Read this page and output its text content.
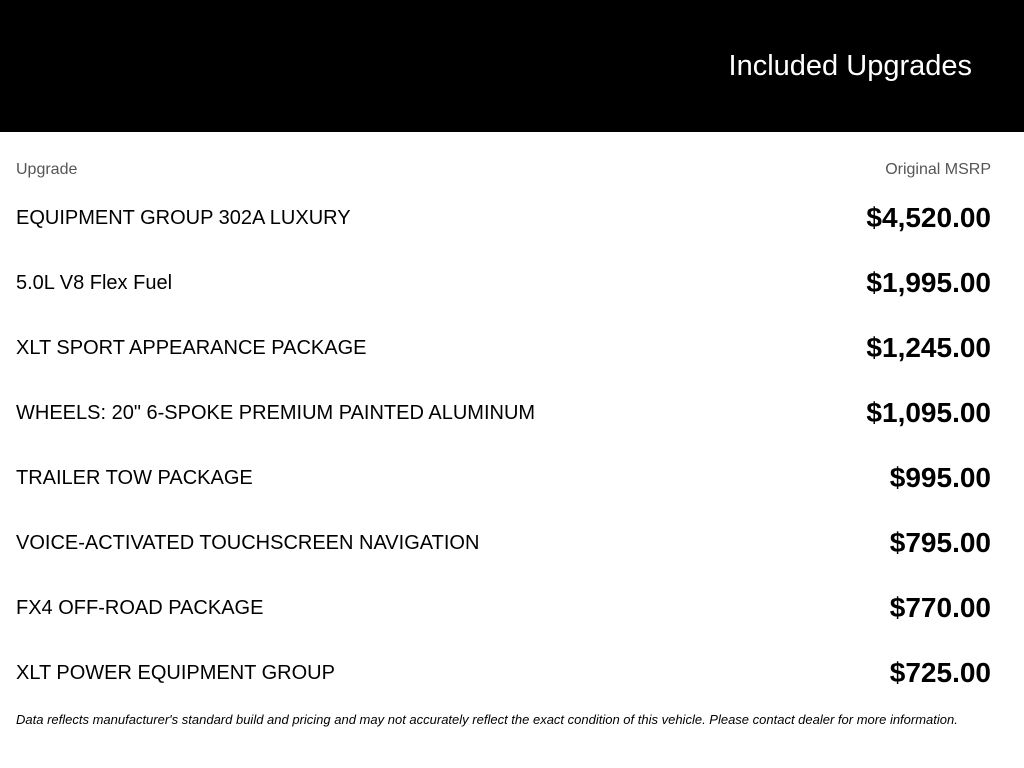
Included Upgrades
Upgrade	Original MSRP
EQUIPMENT GROUP 302A LUXURY	$4,520.00
5.0L V8 Flex Fuel	$1,995.00
XLT SPORT APPEARANCE PACKAGE	$1,245.00
WHEELS: 20" 6-SPOKE PREMIUM PAINTED ALUMINUM	$1,095.00
TRAILER TOW PACKAGE	$995.00
VOICE-ACTIVATED TOUCHSCREEN NAVIGATION	$795.00
FX4 OFF-ROAD PACKAGE	$770.00
XLT POWER EQUIPMENT GROUP	$725.00
Data reflects manufacturer's standard build and pricing and may not accurately reflect the exact condition of this vehicle. Please contact dealer for more information.
